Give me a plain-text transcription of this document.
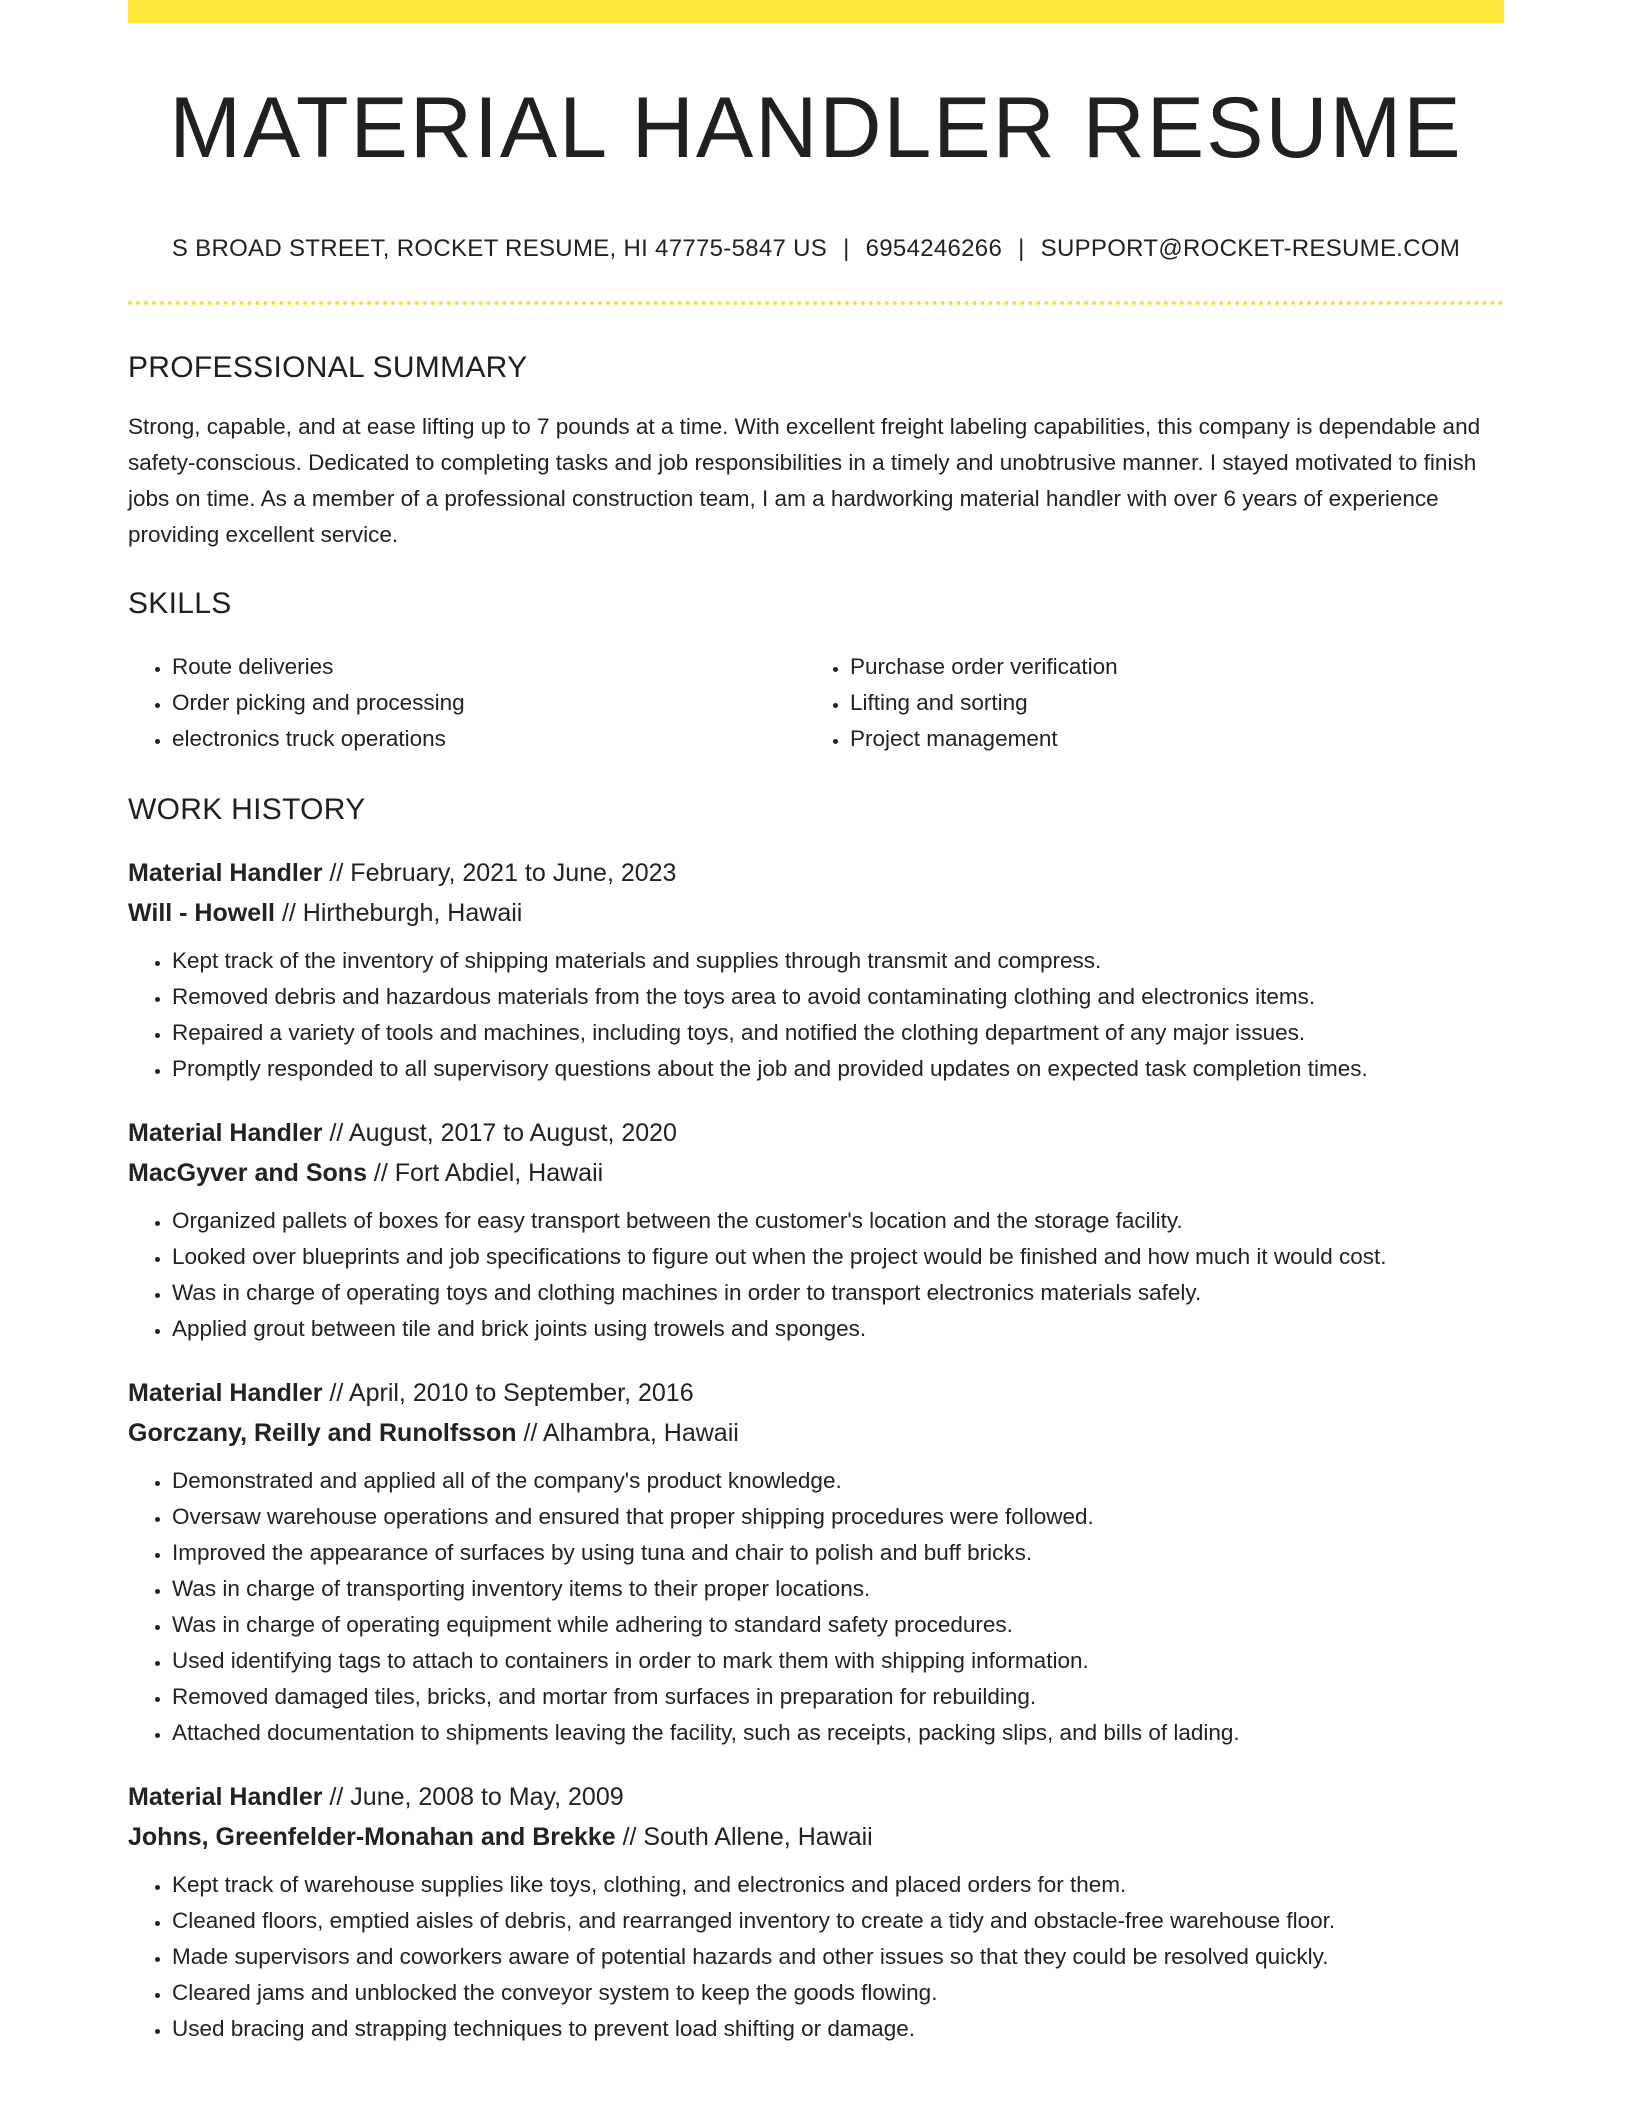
MATERIAL HANDLER RESUME
S BROAD STREET, ROCKET RESUME, HI 47775-5847 US | 6954246266 | SUPPORT@ROCKET-RESUME.COM
PROFESSIONAL SUMMARY

Strong, capable, and at ease lifting up to 7 pounds at a time. With excellent freight labeling capabilities, this company is dependable and safety-conscious. Dedicated to completing tasks and job responsibilities in a timely and unobtrusive manner. I stayed motivated to finish jobs on time. As a member of a professional construction team, I am a hardworking material handler with over 6 years of experience providing excellent service.

SKILLS
• Route deliveries
• Order picking and processing
• electronics truck operations
• Purchase order verification
• Lifting and sorting
• Project management
WORK HISTORY
Material Handler // February, 2021 to June, 2023
Will - Howell // Hirtheburgh, Hawaii
• Kept track of the inventory of shipping materials and supplies through transmit and compress.
• Removed debris and hazardous materials from the toys area to avoid contaminating clothing and electronics items.
• Repaired a variety of tools and machines, including toys, and notified the clothing department of any major issues.
• Promptly responded to all supervisory questions about the job and provided updates on expected task completion times.
Material Handler // August, 2017 to August, 2020
MacGyver and Sons // Fort Abdiel, Hawaii
• Organized pallets of boxes for easy transport between the customer's location and the storage facility.
• Looked over blueprints and job specifications to figure out when the project would be finished and how much it would cost.
• Was in charge of operating toys and clothing machines in order to transport electronics materials safely.
• Applied grout between tile and brick joints using trowels and sponges.
Material Handler // April, 2010 to September, 2016
Gorczany, Reilly and Runolfsson // Alhambra, Hawaii
• Demonstrated and applied all of the company's product knowledge.
• Oversaw warehouse operations and ensured that proper shipping procedures were followed.
• Improved the appearance of surfaces by using tuna and chair to polish and buff bricks.
• Was in charge of transporting inventory items to their proper locations.
• Was in charge of operating equipment while adhering to standard safety procedures.
• Used identifying tags to attach to containers in order to mark them with shipping information.
• Removed damaged tiles, bricks, and mortar from surfaces in preparation for rebuilding.
• Attached documentation to shipments leaving the facility, such as receipts, packing slips, and bills of lading.
Material Handler // June, 2008 to May, 2009
Johns, Greenfelder-Monahan and Brekke // South Allene, Hawaii
• Kept track of warehouse supplies like toys, clothing, and electronics and placed orders for them.
• Cleaned floors, emptied aisles of debris, and rearranged inventory to create a tidy and obstacle-free warehouse floor.
• Made supervisors and coworkers aware of potential hazards and other issues so that they could be resolved quickly.
• Cleared jams and unblocked the conveyor system to keep the goods flowing.
• Used bracing and strapping techniques to prevent load shifting or damage.
